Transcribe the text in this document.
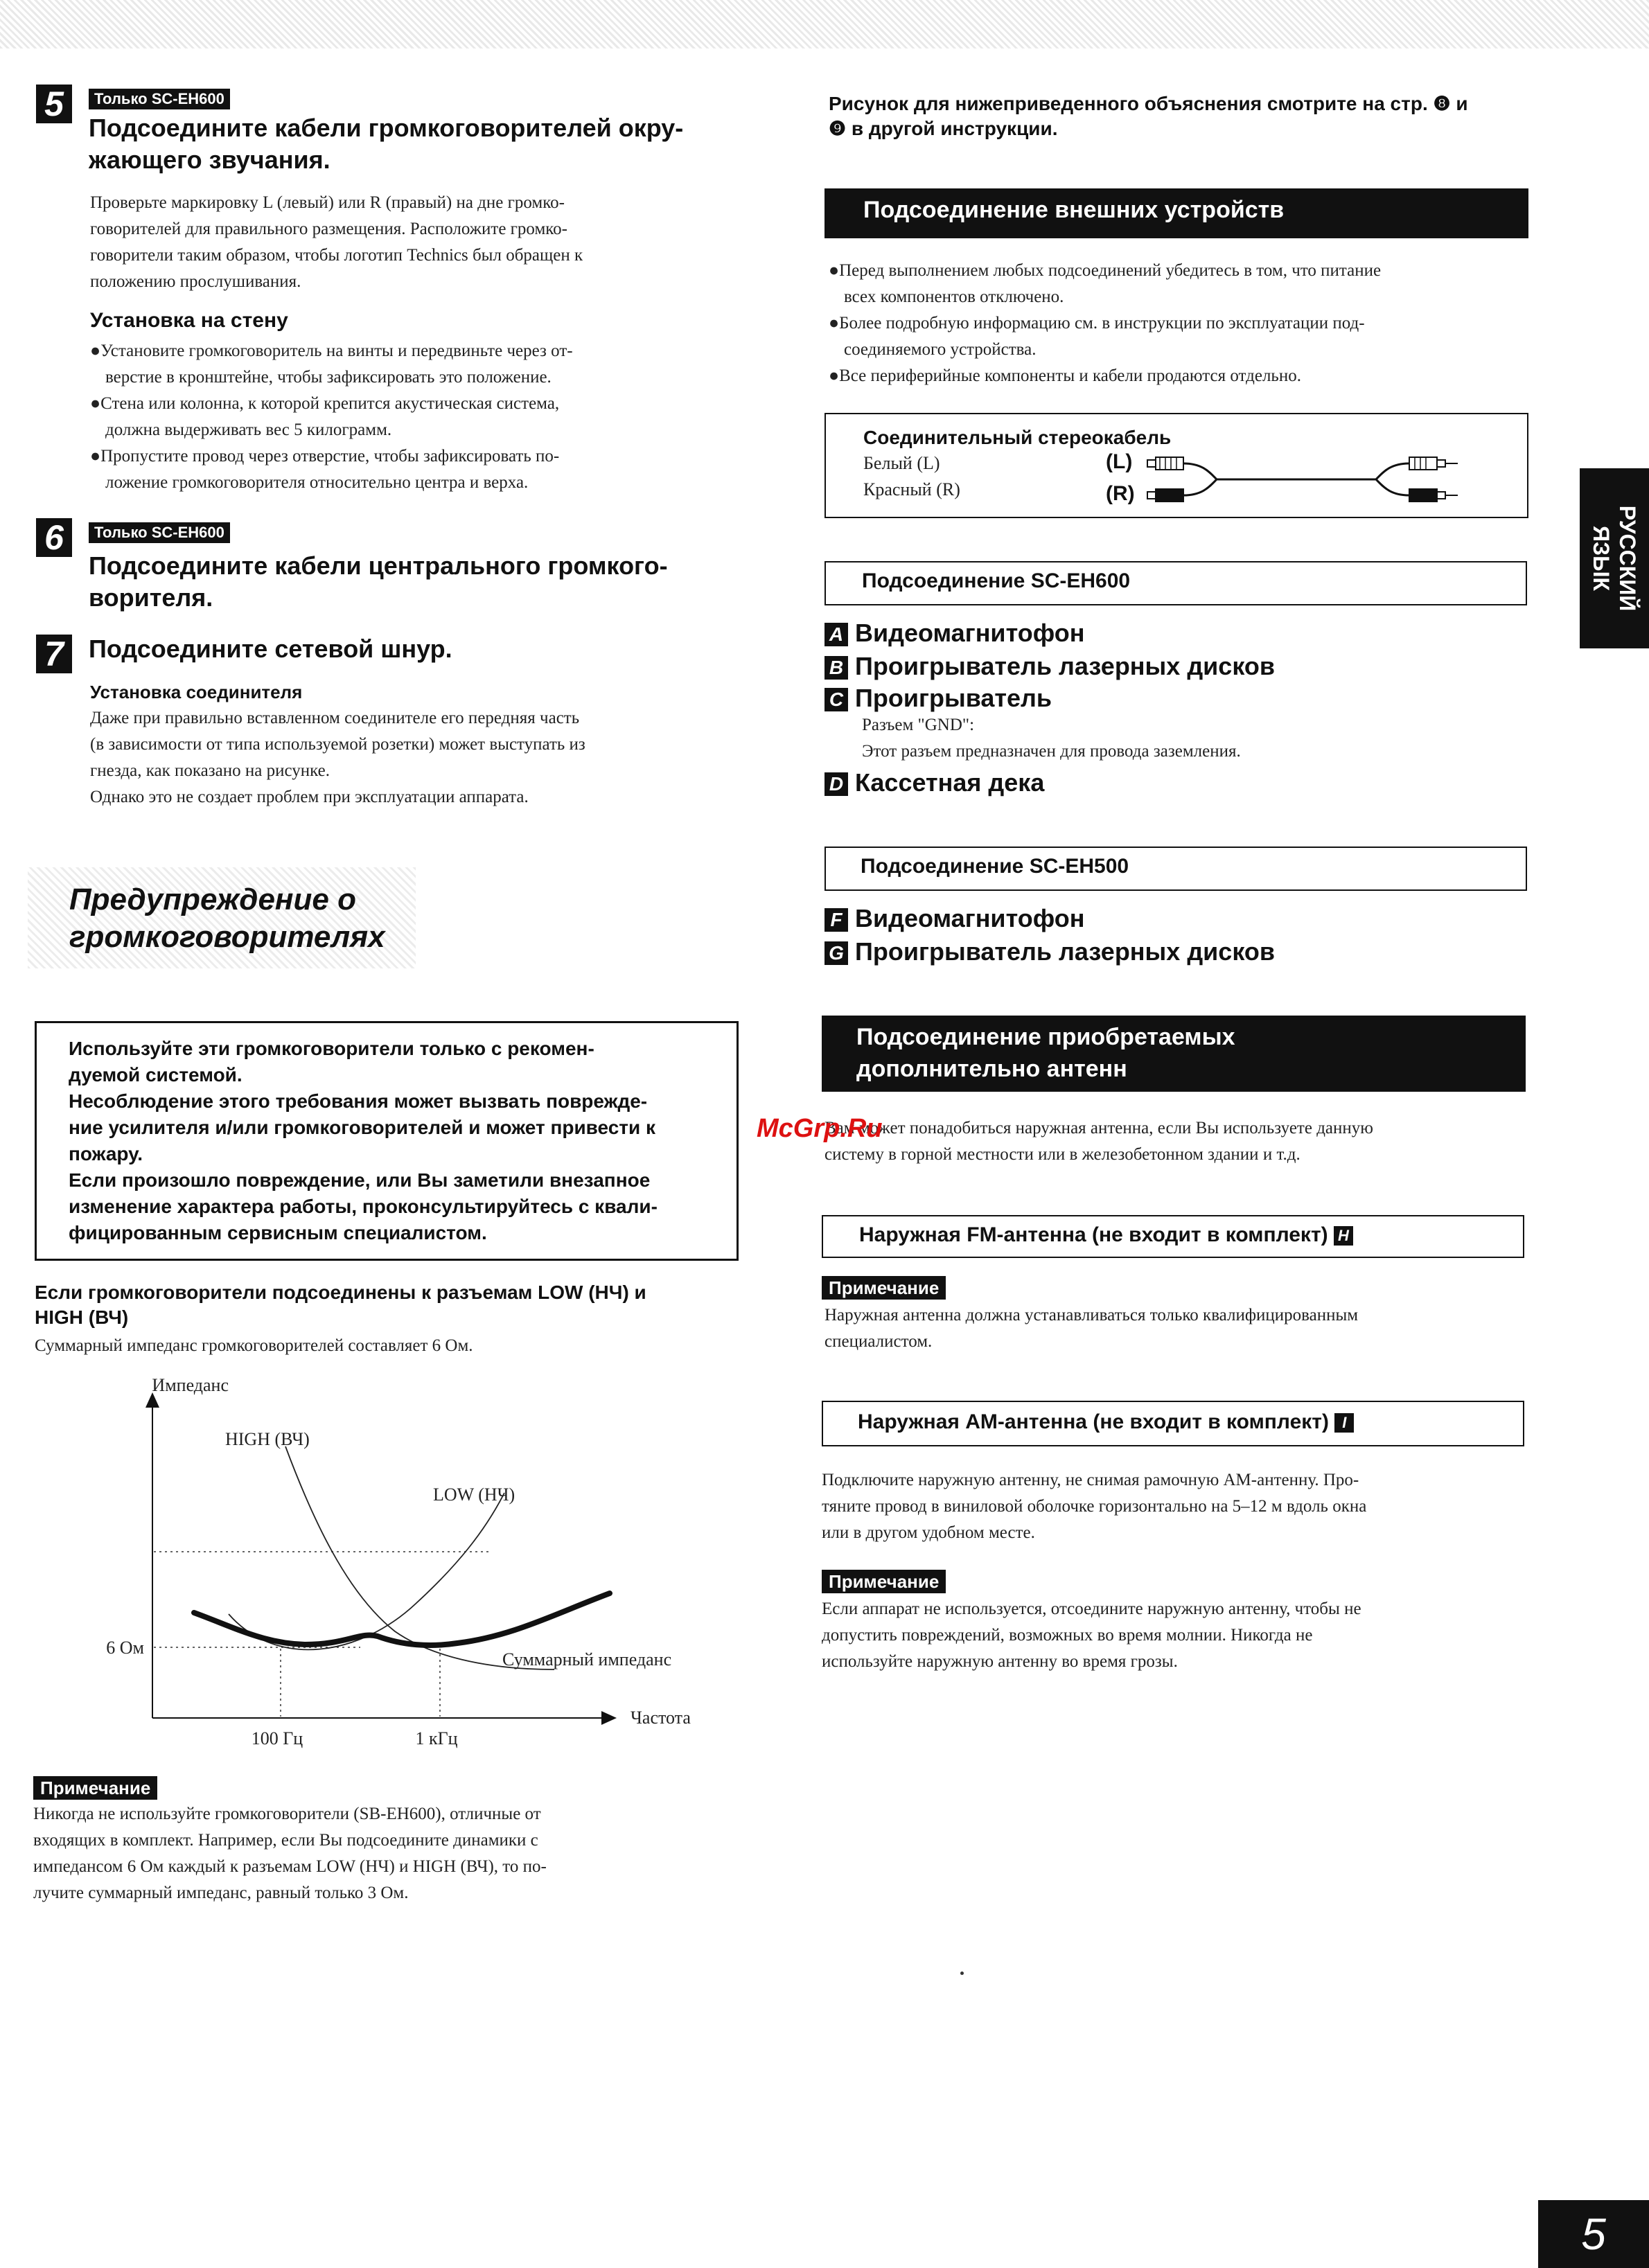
5	Только SC-EH600
Подсоедините кабели громкоговорителей окру-
жающего звучания.

Проверьте маркировку L (левый) или R (правый) на дне громко-

говорителей для правильного размещения. Расположите громко-

говорители таким образом, чтобы логотип Technics был обращен к

положению прослушивания.

Установка на стену
●Установите громкоговоритель на винты и передвиньте через от-
верстие в кронштейне, чтобы зафиксировать это положение.
●Стена или колонна, к которой крепится акустическая система,
должна выдерживать вес 5 килограмм.
●Пропустите провод через отверстие, чтобы зафиксировать по-
ложение громкоговорителя относительно центра и верха.
6	Только SC-EH600
Подсоедините кабели центрального громкого-
ворителя.
7	Подсоедините сетевой шнур.
Установка соединителя

Даже при правильно вставленном соединителе его передняя часть

(в зависимости от типа используемой розетки) может выступать из

гнезда, как показано на рисунке.

Однако это не создает проблем при эксплуатации аппарата.

Предупреждение о
громкоговорителях

Используйте эти громкоговорители только с рекомен-

дуемой системой.

Несоблюдение этого требования может вызвать поврежде-

ние усилителя и/или громкоговорителей и может привести к

пожару.

Если произошло повреждение, или Вы заметили внезапное

изменение характера работы, проконсультируйтесь с квали-

фицированным сервисным специалистом.

Если громкоговорители подсоединены к разъемам LOW (НЧ) и
HIGH (ВЧ)
Суммарный импеданс громкоговорителей составляет 6 Ом.
Импеданс
Частота
6 Ом
100 Гц	1 кГц
HIGH (ВЧ)
LOW (НЧ)
Суммарный импеданс
Примечание

Никогда не используйте громкоговорители (SB-EH600), отличные от

входящих в комплект. Например, если Вы подсоедините динамики с

импедансом 6 Ом каждый к разъемам LOW (НЧ) и HIGH (ВЧ), то по-

лучите суммарный импеданс, равный только 3 Ом.

Рисунок для нижеприведенного объяснения смотрите на стр. ❽ и
❾ в другой инструкции.
Подсоединение внешних устройств
●Перед выполнением любых подсоединений убедитесь в том, что питание
всех компонентов отключено.
●Более подробную информацию см. в инструкции по эксплуатации под-
соединяемого устройства.
●Все периферийные компоненты и кабели продаются отдельно.
Соединительный стереокабель
Белый (L)
Красный (R)
(L)
(R)
Подсоединение SC-EH600
A Видеомагнитофон
B Проигрыватель лазерных дисков
C Проигрыватель

Разъем "GND":

Этот разъем предназначен для провода заземления.

D Кассетная дека
Подсоединение SC-EH500
F Видеомагнитофон
G Проигрыватель лазерных дисков
Подсоединение приобретаемых
дополнительно антенн

Вам может понадобиться наружная антенна, если Вы используете данную

систему в горной местности или в железобетонном здании и т.д.

McGrp.Ru
Наружная FM-антенна (не входит в комплект) H
Примечание

Наружная антенна должна устанавливаться только квалифицированным

специалистом.

Наружная AM-антенна (не входит в комплект) I

Подключите наружную антенну, не снимая рамочную AM-антенну. Про-

тяните провод в виниловой оболочке горизонтально на 5–12 м вдоль окна

или в другом удобном месте.

Примечание

Если аппарат не используется, отсоедините наружную антенну, чтобы не

допустить повреждений, возможных во время молнии. Никогда не

используйте наружную антенну во время грозы.

РУССКИЙ
ЯЗЫК
5
